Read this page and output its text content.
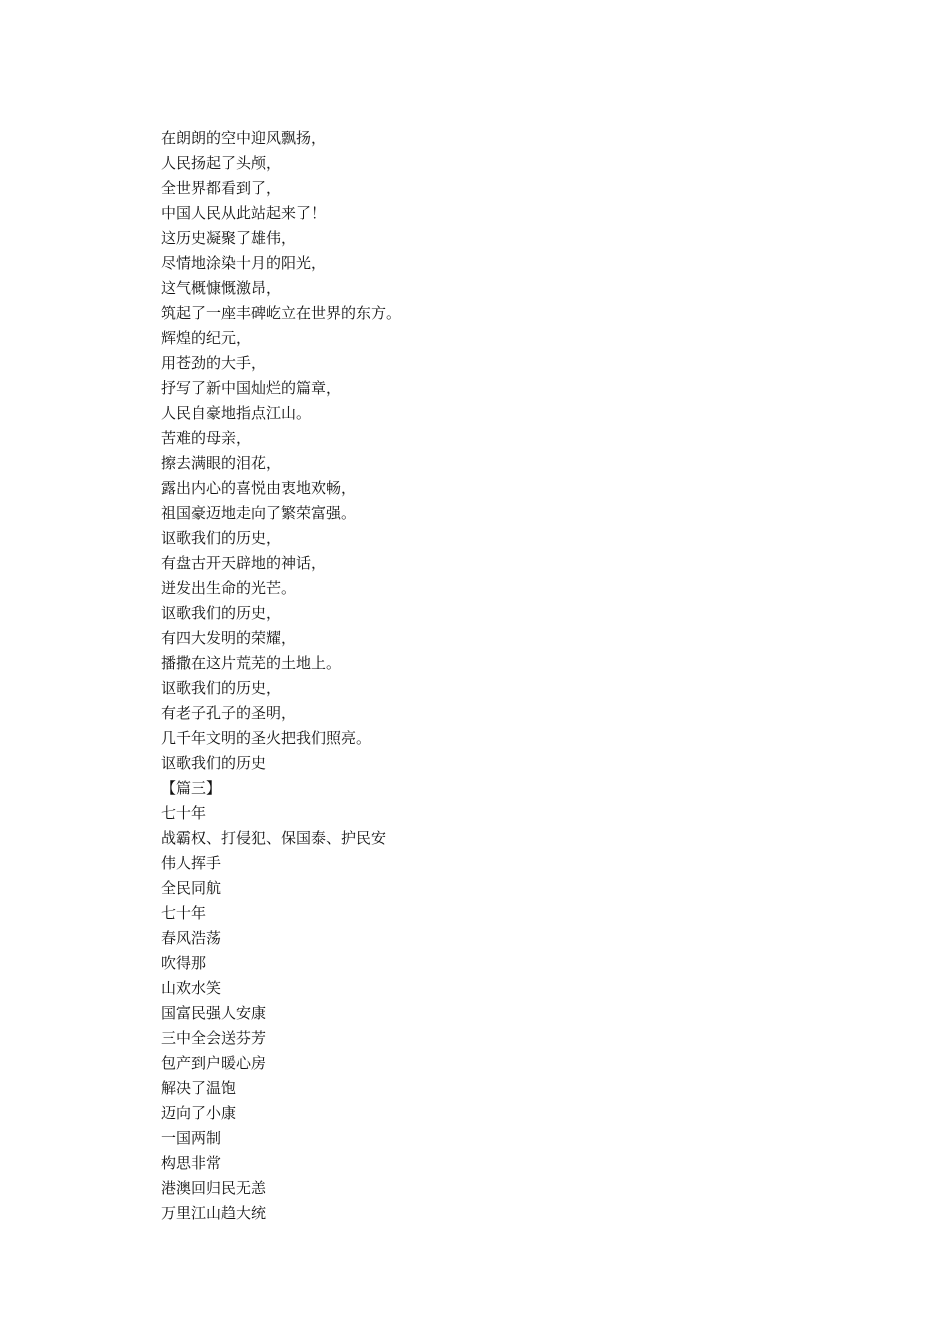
在朗朗的空中迎风飘扬，
人民扬起了头颅，
全世界都看到了，
中国人民从此站起来了！
这历史凝聚了雄伟，
尽情地涂染十月的阳光，
这气概慷慨激昂，
筑起了一座丰碑屹立在世界的东方。
辉煌的纪元，
用苍劲的大手，
抒写了新中国灿烂的篇章，
人民自豪地指点江山。
苦难的母亲，
擦去满眼的泪花，
露出内心的喜悦由衷地欢畅，
祖国豪迈地走向了繁荣富强。
讴歌我们的历史，
有盘古开天辟地的神话，
迸发出生命的光芒。
讴歌我们的历史，
有四大发明的荣耀，
播撒在这片荒芜的土地上。
讴歌我们的历史，
有老子孔子的圣明，
几千年文明的圣火把我们照亮。
讴歌我们的历史
【篇三】
七十年
战霸权、打侵犯、保国泰、护民安
伟人挥手
全民同航
七十年
春风浩荡
吹得那
山欢水笑
国富民强人安康
三中全会送芬芳
包产到户暖心房
解决了温饱
迈向了小康
一国两制
构思非常
港澳回归民无恙
万里江山趋大统
